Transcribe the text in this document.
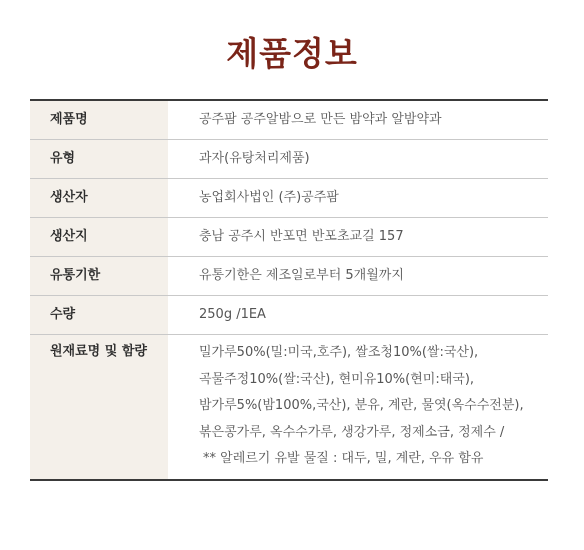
제품정보
제품명	공주팜 공주알밤으로 만든 밤약과 알밤약과
유형	과자(유탕처리제품)
생산자	농업회사법인 (주)공주팜
생산지	충남 공주시 반포면 반포초교길 157
유통기한	유통기한은 제조일로부터 5개월까지
수량	250g /1EA
원재료명 및 함량	밀가루50%(밀:미국,호주), 쌀조청10%(쌀:국산),
곡물주정10%(쌀:국산), 현미유10%(현미:태국),
밤가루5%(밤100%,국산), 분유, 계란, 물엿(옥수수전분),
볶은콩가루, 옥수수가루, 생강가루, 정제소금, 정제수 /
** 알레르기 유발 물질 : 대두, 밀, 계란, 우유 함유
